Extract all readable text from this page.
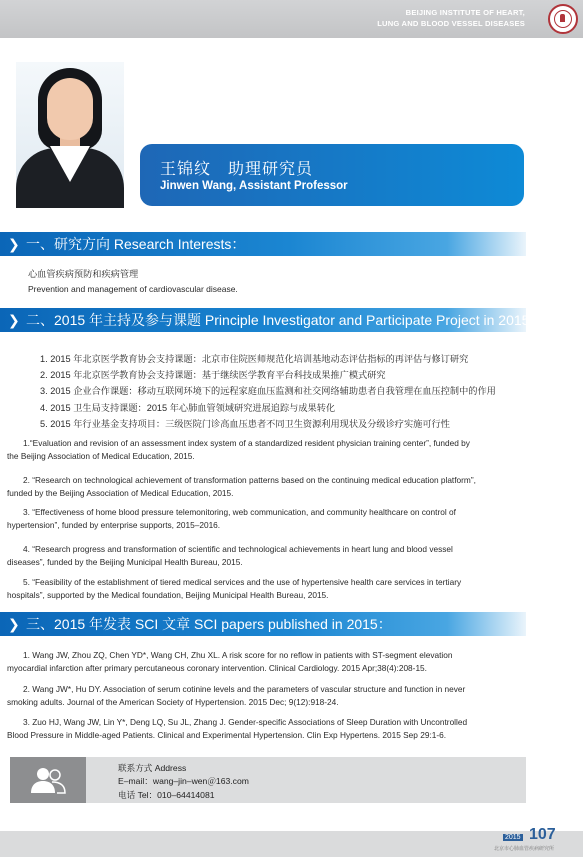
BEIJING INSTITUTE OF HEART,
LUNG AND BLOOD VESSEL DISEASES
王锦纹　助理研究员
Jinwen Wang, Assistant Professor
❯ 一、研究方向 Research Interests：
心血管疾病预防和疾病管理
Prevention and management of cardiovascular disease.
❯ 二、2015 年主持及参与课题 Principle Investigator and Participate Project in 2015：
1. 2015 年北京医学教育协会支持课题：北京市住院医师规范化培训基地动态评估指标的再评估与修订研究
2. 2015 年北京医学教育协会支持课题：基于继续医学教育平台科技成果推广模式研究
3. 2015 企业合作课题：移动互联网环境下的远程家庭血压监测和社交网络辅助患者自我管理在血压控制中的作用
4. 2015 卫生局支持课题：2015 年心肺血管领域研究进展追踪与成果转化
5. 2015 年行业基金支持项目：三级医院门诊高血压患者不同卫生资源利用现状及分级诊疗实施可行性

1.“Evaluation and revision of an assessment index system of a standardized resident physician training center”, funded by

the Beijing Association of Medical Education, 2015.

2. “Research on technological achievement of transformation patterns based on the continuing medical education platform”,

funded by the Beijing Association of Medical Education, 2015.

3. “Effectiveness of home blood pressure telemonitoring, web communication, and community healthcare on control of

hypertension”, funded by enterprise supports, 2015–2016.

4. “Research progress and transformation of scientific and technological achievements in heart lung and blood vessel

diseases”, funded by the Beijing Municipal Health Bureau, 2015.

5. “Feasibility of the establishment of tiered medical services and the use of hypertensive health care services in tertiary

hospitals”, supported by the Medical foundation, Beijing Municipal Health Bureau, 2015.

❯ 三、2015 年发表 SCI 文章 SCI papers published in 2015：

1. Wang JW, Zhou ZQ, Chen YD*, Wang CH, Zhu XL. A risk score for no reflow in patients with ST-segment elevation

myocardial infarction after primary percutaneous coronary intervention. Clinical Cardiology. 2015 Apr;38(4):208-15.

2. Wang JW*, Hu DY. Association of serum cotinine levels and the parameters of vascular structure and function in never

smoking adults. Journal of the American Society of Hypertension. 2015 Dec; 9(12):918-24.

3. Zuo HJ, Wang JW, Lin Y*, Deng LQ, Su JL, Zhang J. Gender-specific Associations of Sleep Duration with Uncontrolled

Blood Pressure in Middle-aged Patients. Clinical and Experimental Hypertension. Clin Exp Hypertens. 2015 Sep 29:1-6.

联系方式 Address
E–mail：wang–jin–wen＠163.com
电话 Tel：010–64414081
2015 107
北京市心肺血管疾病研究所
